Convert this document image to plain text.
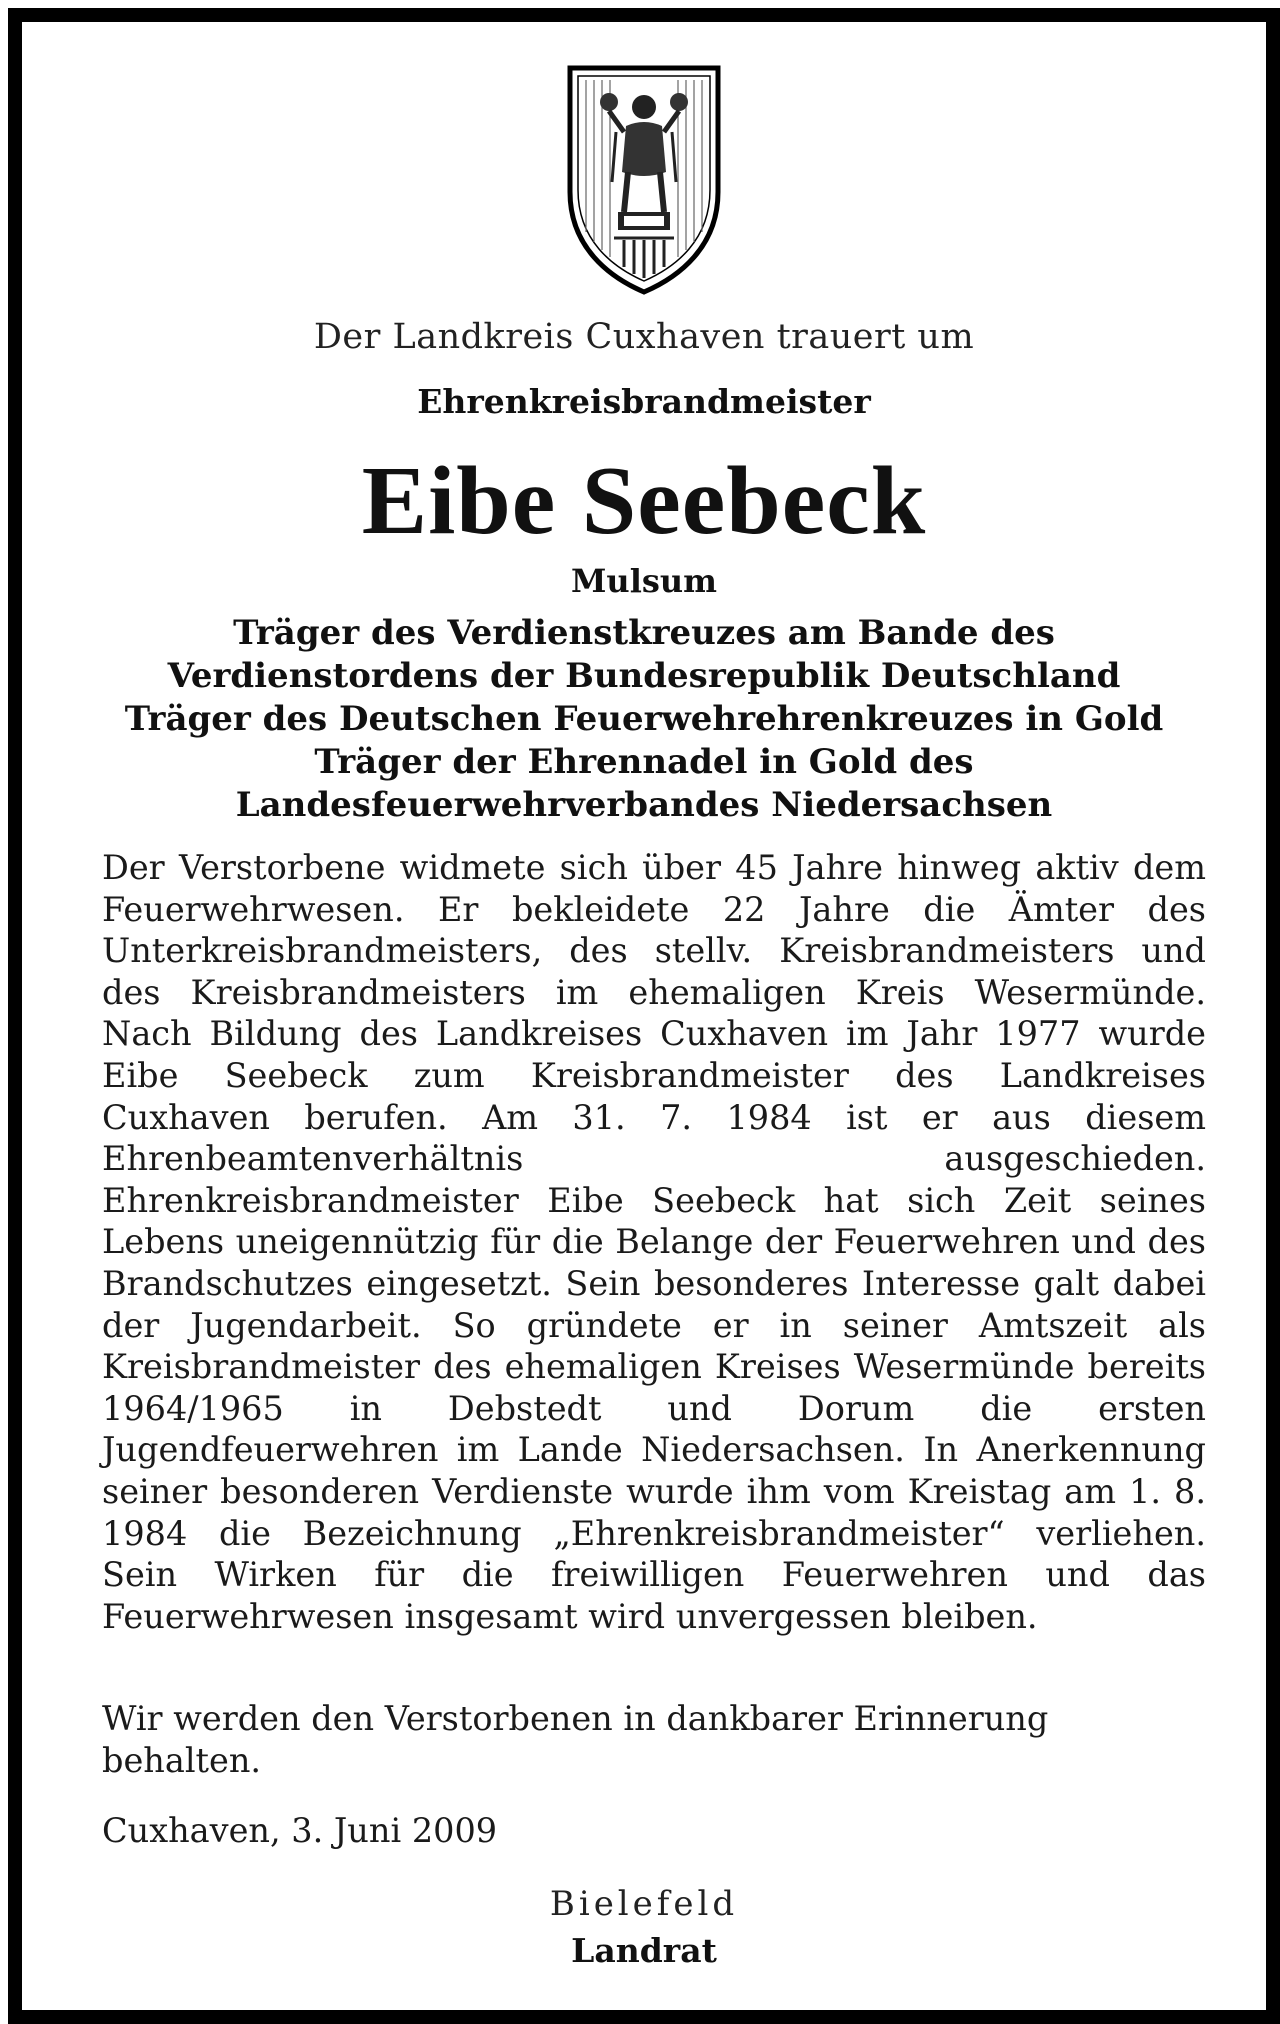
Der Landkreis Cuxhaven trauert um

Ehrenkreisbrandmeister

Eibe Seebeck

Mulsum

Träger des Verdienstkreuzes am Bande des
Verdienstordens der Bundesrepublik Deutschland
Träger des Deutschen Feuerwehrehrenkreuzes in Gold
Träger der Ehrennadel in Gold des
Landesfeuerwehrverbandes Niedersachsen

Der Verstorbene widmete sich über 45 Jahre hinweg aktiv dem Feuerwehrwesen. Er bekleidete 22 Jahre die Ämter des Unterkreisbrandmeisters, des stellv. Kreisbrandmeisters und des Kreisbrandmeisters im ehemaligen Kreis Wesermünde. Nach Bildung des Landkreises Cuxhaven im Jahr 1977 wurde Eibe Seebeck zum Kreisbrandmeister des Landkreises Cuxhaven berufen. Am 31. 7. 1984 ist er aus diesem Ehrenbeamtenverhältnis ausgeschieden. Ehrenkreisbrandmeister Eibe Seebeck hat sich Zeit seines Lebens uneigennützig für die Belange der Feuerwehren und des Brandschutzes eingesetzt. Sein besonderes Interesse galt dabei der Jugendarbeit. So gründete er in seiner Amtszeit als Kreisbrandmeister des ehemaligen Kreises Wesermünde bereits 1964/1965 in Debstedt und Dorum die ersten Jugendfeuerwehren im Lande Niedersachsen. In Anerkennung seiner besonderen Verdienste wurde ihm vom Kreistag am 1. 8. 1984 die Bezeichnung „Ehrenkreisbrandmeister“ verliehen. Sein Wirken für die freiwilligen Feuerwehren und das Feuerwehrwesen insgesamt wird unvergessen bleiben.

Wir werden den Verstorbenen in dankbarer Erinnerung behalten.

Cuxhaven, 3. Juni 2009

Bielefeld

Landrat
